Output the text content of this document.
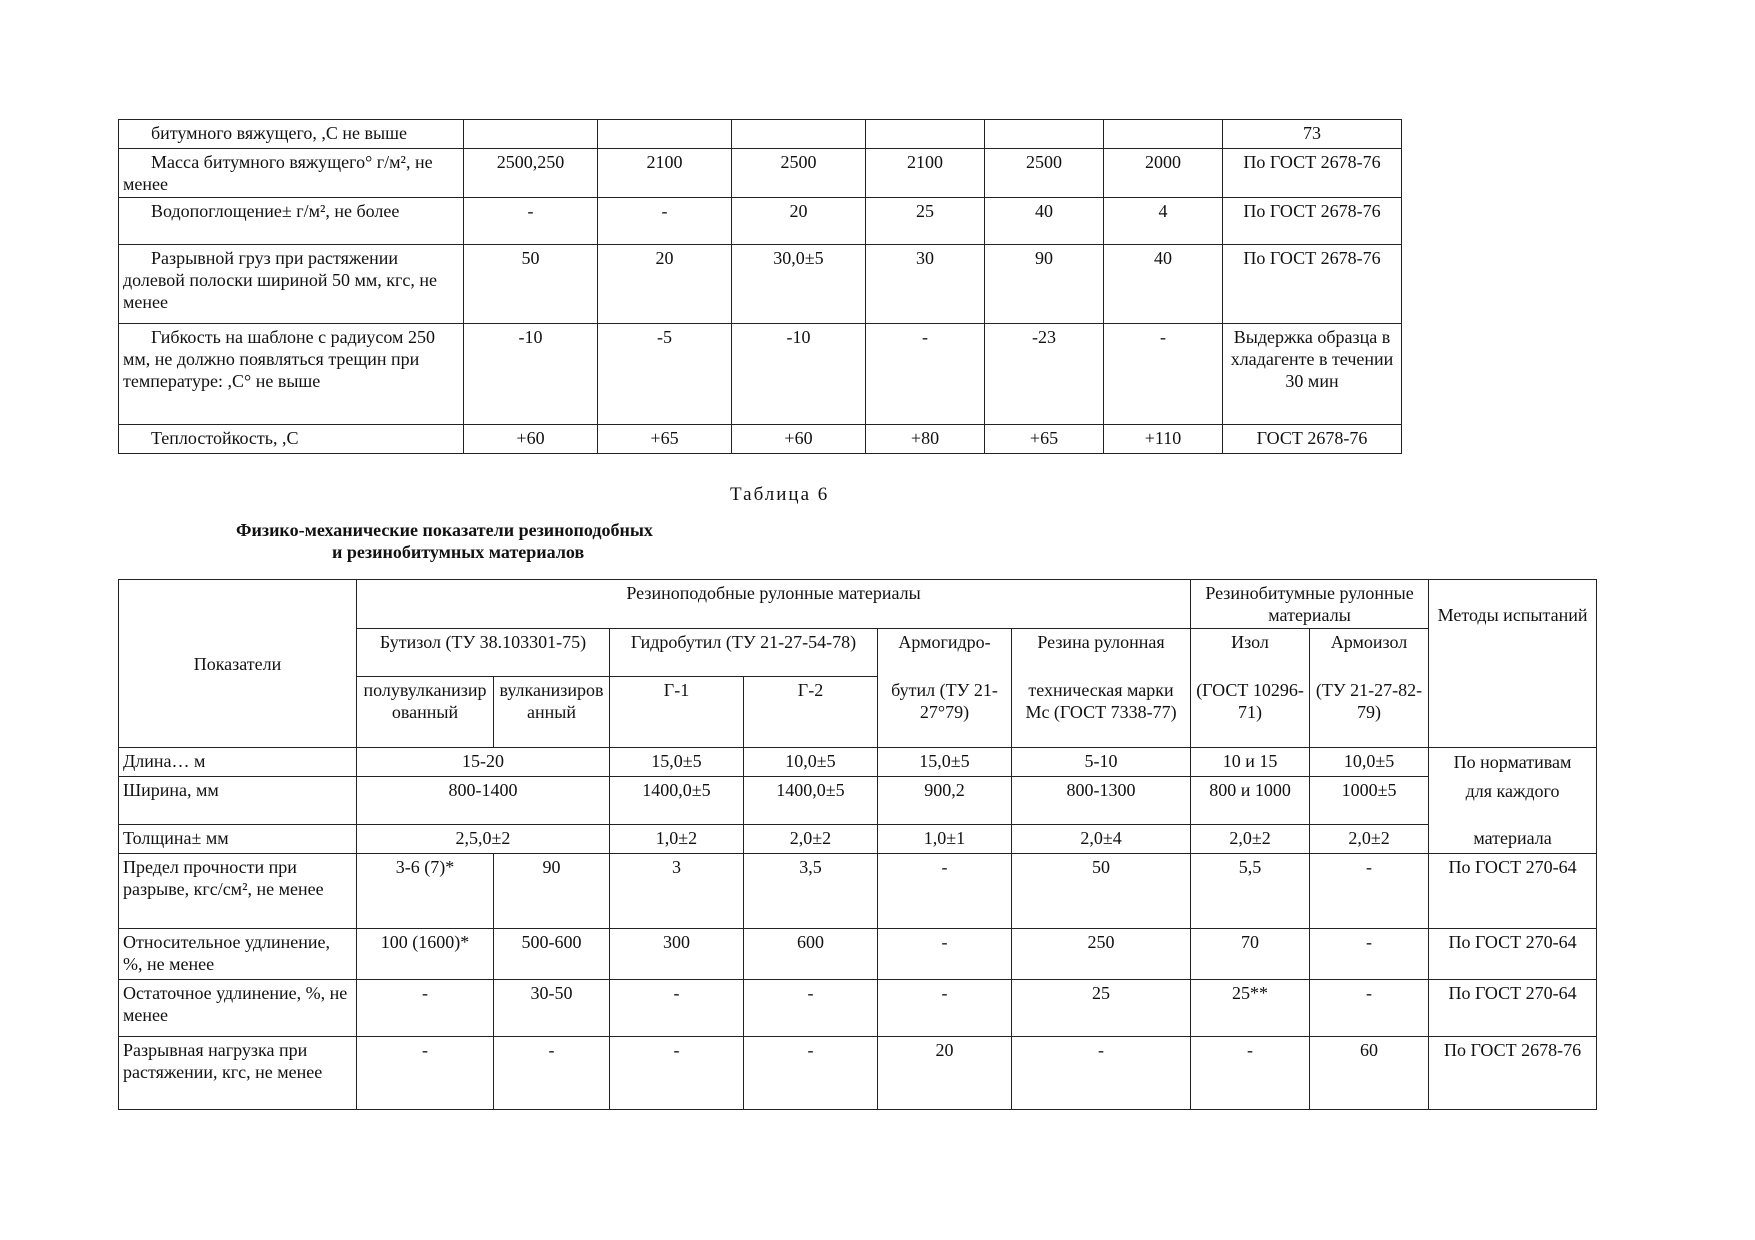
битумного вяжущего, ,С не выше							73
Масса битумного вяжущего° г/м², не менее	2500,250	2100	2500	2100	2500	2000	По ГОСТ 2678-76
Водопоглощение± г/м², не более	-	-	20	25	40	4	По ГОСТ 2678-76
Разрывной груз при растяжении долевой полоски шириной 50 мм, кгс, не менее	50	20	30,0±5	30	90	40	По ГОСТ 2678-76
Гибкость на шаблоне с радиусом 250 мм, не должно появляться трещин при температуре: ,С° не выше	-10	-5	-10	-	-23	-	Выдержка образца в хладагенте в течении 30 мин
Теплостойкость, ,С	+60	+65	+60	+80	+65	+110	ГОСТ 2678-76
Таблица 6
Физико-механические показатели резиноподобных
и резинобитумных материалов
Показатели	Резиноподобные рулонные материалы						Резинобитумные рулонные материалы		Методы испытаний
	Бутизол (ТУ 38.103301-75)		Гидробутил (ТУ 21-27-54-78)		Армогидро-	Резина рулонная	Изол	Армоизол	
	полувулканизированный	вулканизированный	Г-1	Г-2	бутил (ТУ 21-27°79)	техническая марки Мс (ГОСТ 7338-77)	(ГОСТ 10296-71)	(ТУ 21-27-82-79)	
Длина… м	15-20		15,0±5	10,0±5	15,0±5	5-10	10 и 15	10,0±5	По нормативам
для каждого
материала

Ширина, мм	800-1400		1400,0±5	1400,0±5	900,2	800-1300	800 и 1000	1000±5	
Толщина± мм	2,5,0±2		1,0±2	2,0±2	1,0±1	2,0±4	2,0±2	2,0±2	
Предел прочности при разрыве, кгс/см², не менее	3-6 (7)*	90	3	3,5	-	50	5,5	-	По ГОСТ 270-64
Относительное удлинение, %, не менее	100 (1600)*	500-600	300	600	-	250	70	-	По ГОСТ 270-64
Остаточное удлинение, %, не менее	-	30-50	-	-	-	25	25**	-	По ГОСТ 270-64
Разрывная нагрузка при растяжении, кгс, не менее	-	-	-	-	20	-	-	60	По ГОСТ 2678-76
